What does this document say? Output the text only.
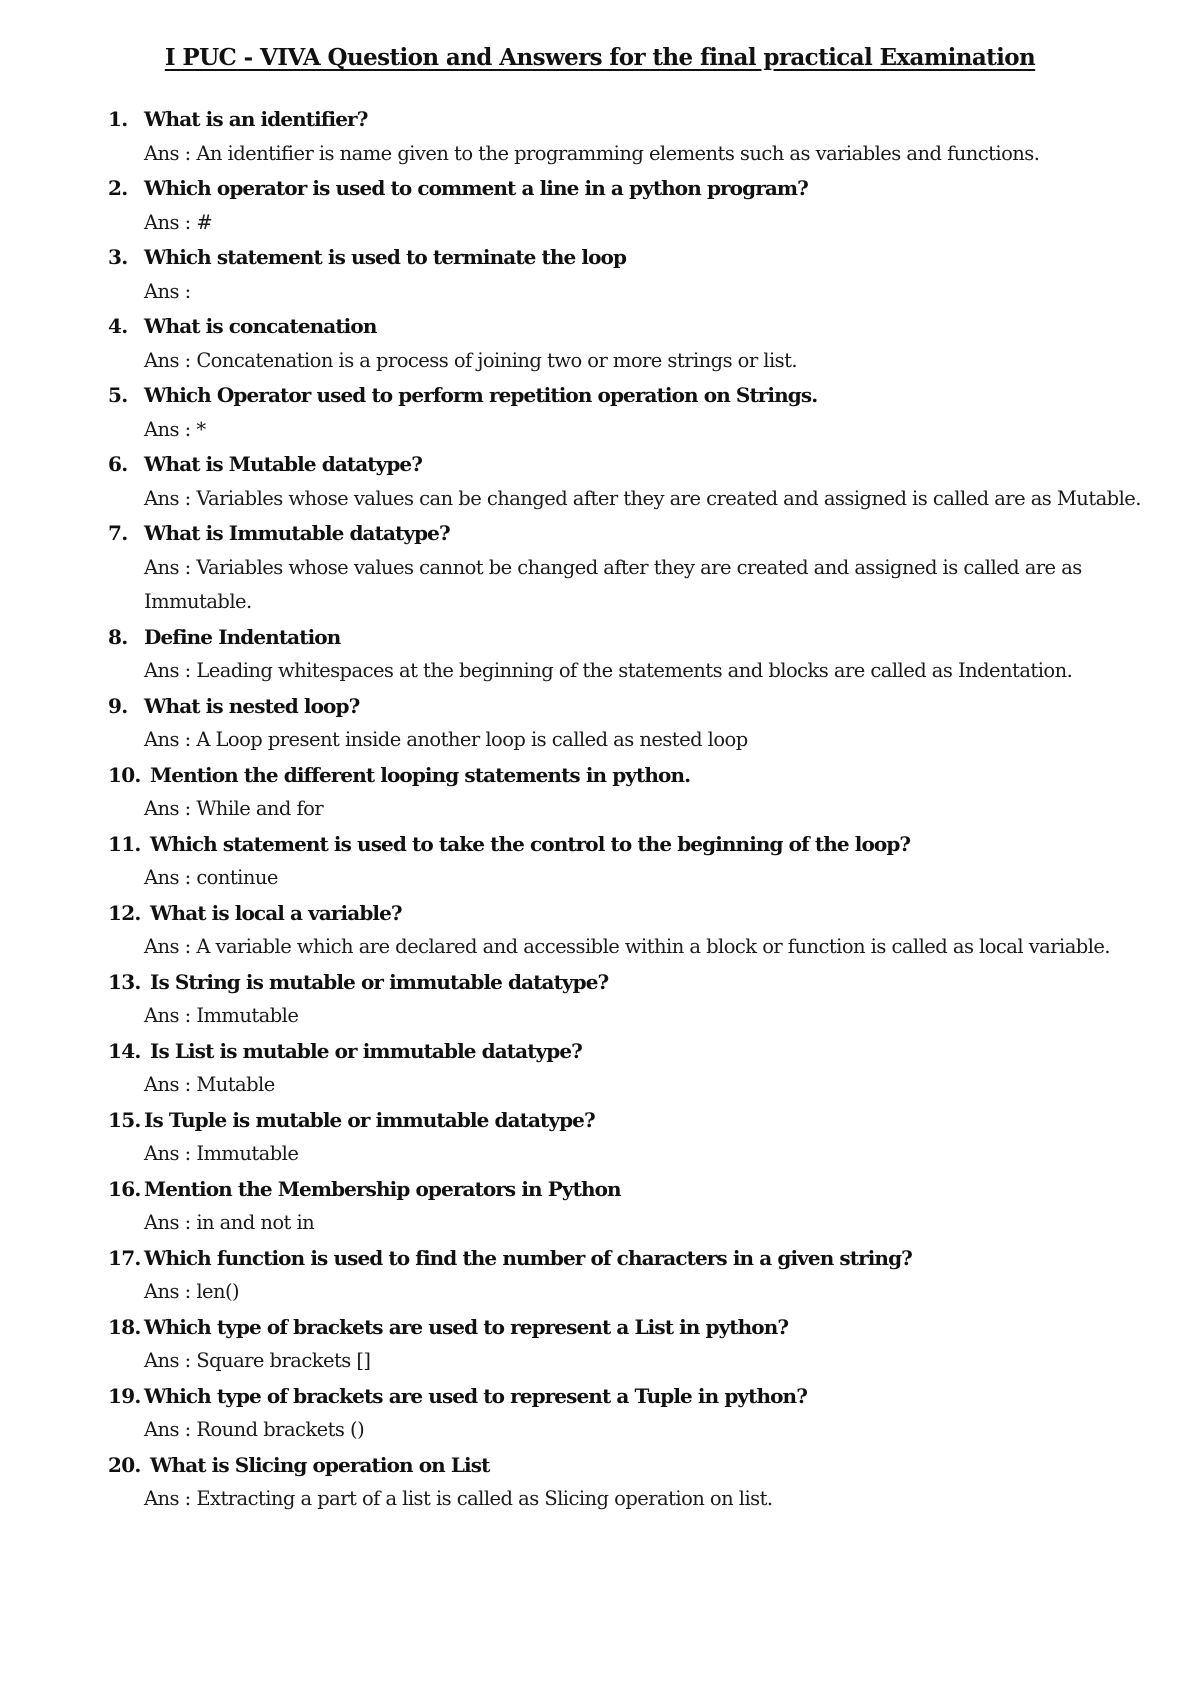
I PUC - VIVA Question and Answers for the final practical Examination
1. What is an identifier?
Ans : An identifier is name given to the programming elements such as variables and functions.
2. Which operator is used to comment a line in a python program?
Ans : #
3. Which statement is used to terminate the loop
Ans :
4. What is concatenation
Ans : Concatenation is a process of joining two or more strings or list.
5. Which Operator used to perform repetition operation on Strings.
Ans : *
6. What is Mutable datatype?
Ans : Variables whose values can be changed after they are created and assigned is called are as Mutable.
7. What is Immutable datatype?
Ans : Variables whose values cannot be changed after they are created and assigned is called are as Immutable.
8. Define Indentation
Ans : Leading whitespaces at the beginning of the statements and blocks are called as Indentation.
9. What is nested loop?
Ans : A Loop present inside another loop is called as nested loop
10. Mention the different looping statements in python.
Ans : While and for
11. Which statement is used to take the control to the beginning of the loop?
Ans : continue
12. What is local a variable?
Ans : A variable which are declared and accessible within a block or function is called as local variable.
13. Is String is mutable or immutable datatype?
Ans : Immutable
14. Is List is mutable or immutable datatype?
Ans : Mutable
15. Is Tuple is mutable or immutable datatype?
Ans : Immutable
16. Mention the Membership operators in Python
Ans : in and not in
17. Which function is used to find the number of characters in a given string?
Ans : len()
18. Which type of brackets are used to represent a List in python?
Ans : Square brackets []
19. Which type of brackets are used to represent a Tuple in python?
Ans : Round brackets ()
20. What is Slicing operation on List
Ans : Extracting a part of a list is called as Slicing operation on list.
